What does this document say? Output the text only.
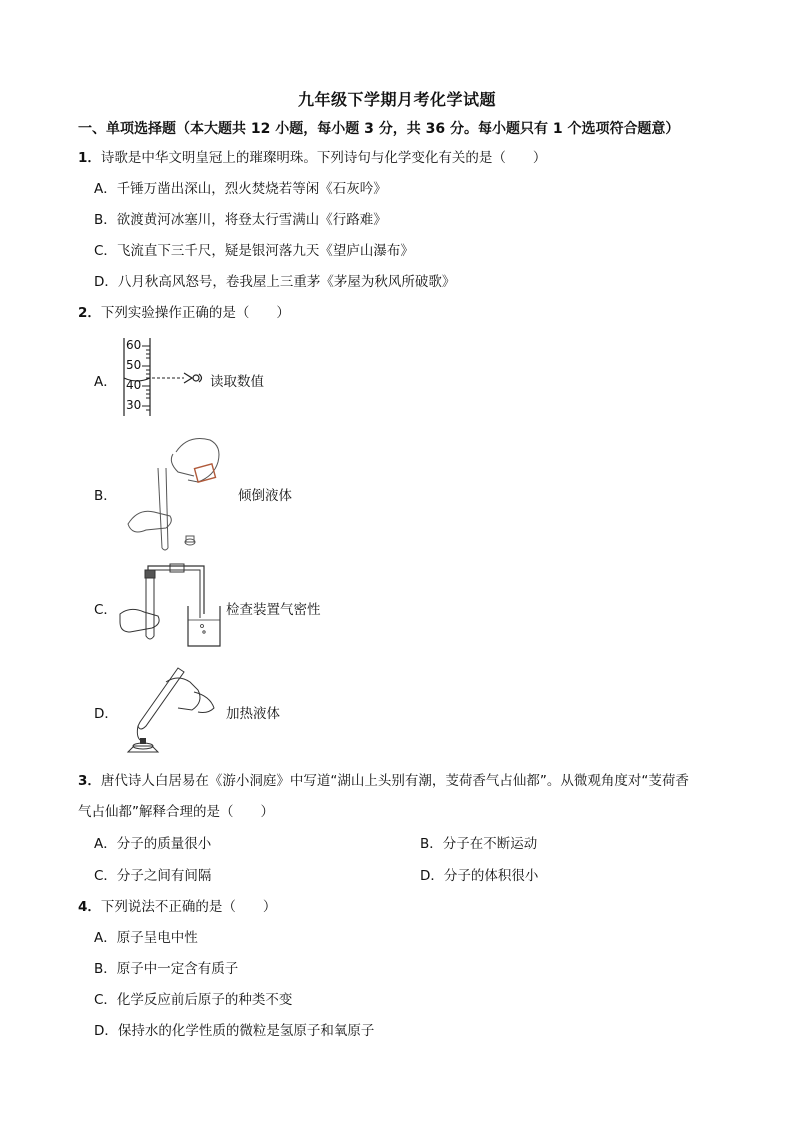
九年级下学期月考化学试题
一、单项选择题（本大题共 12 小题，每小题 3 分，共 36 分。每小题只有 1 个选项符合题意）
1．诗歌是中华文明皇冠上的璀璨明珠。下列诗句与化学变化有关的是（　　）
A．千锤万凿出深山，烈火焚烧若等闲《石灰吟》
B．欲渡黄河冰塞川，将登太行雪满山《行路难》
C．飞流直下三千尺，疑是银河落九天《望庐山瀑布》
D．八月秋高风怒号，卷我屋上三重茅《茅屋为秋风所破歌》
2．下列实验操作正确的是（　　）
A．
60
50
40
30
读取数值
B．	倾倒液体
C．	检查装置气密性
D．	加热液体
3．唐代诗人白居易在《游小洞庭》中写道“湖山上头别有潮，芰荷香气占仙都”。从微观角度对“芰荷香
气占仙都”解释合理的是（　　）
A．分子的质量很小	B．分子在不断运动
C．分子之间有间隔	D．分子的体积很小
4．下列说法不正确的是（　　）
A．原子呈电中性
B．原子中一定含有质子
C．化学反应前后原子的种类不变
D．保持水的化学性质的微粒是氢原子和氧原子
